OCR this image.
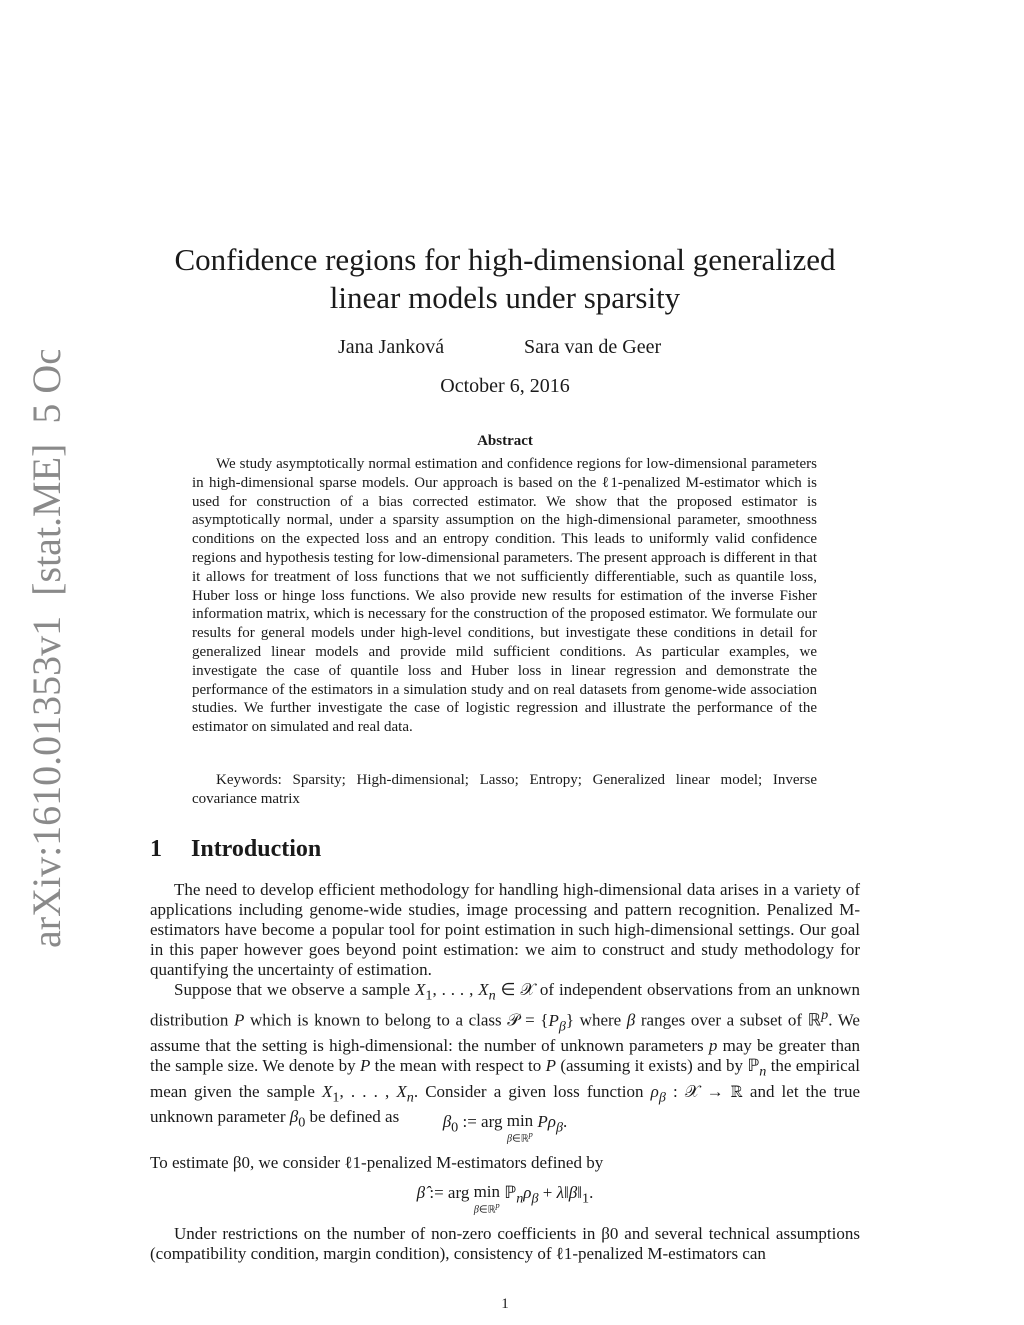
arXiv:1610.01353v1  [stat.ME]  5 Oct 2016	Confidence regions for high-dimensional generalized linear models under sparsity
Jana Janková	Sara van de Geer
October 6, 2016
Abstract

We study asymptotically normal estimation and confidence regions for low-dimensional parameters in high-dimensional sparse models. Our approach is based on the ℓ1-penalized M-estimator which is used for construction of a bias corrected estimator. We show that the proposed estimator is asymptotically normal, under a sparsity assumption on the high-dimensional parameter, smoothness conditions on the expected loss and an entropy condition. This leads to uniformly valid confidence regions and hypothesis testing for low-dimensional parameters. The present approach is different in that it allows for treatment of loss functions that we not sufficiently differentiable, such as quantile loss, Huber loss or hinge loss functions. We also provide new results for estimation of the inverse Fisher information matrix, which is necessary for the construction of the proposed estimator. We formulate our results for general models under high-level conditions, but investigate these conditions in detail for generalized linear models and provide mild sufficient conditions. As particular examples, we investigate the case of quantile loss and Huber loss in linear regression and demonstrate the performance of the estimators in a simulation study and on real datasets from genome-wide association studies. We further investigate the case of logistic regression and illustrate the performance of the estimator on simulated and real data.

Keywords: Sparsity; High-dimensional; Lasso; Entropy; Generalized linear model; Inverse covariance matrix

1 Introduction

The need to develop efficient methodology for handling high-dimensional data arises in a variety of applications including genome-wide studies, image processing and pattern recognition. Penalized M-estimators have become a popular tool for point estimation in such high-dimensional settings. Our goal in this paper however goes beyond point estimation: we aim to construct and study methodology for quantifying the uncertainty of estimation.

Suppose that we observe a sample $X_1$, . . . , $X_n$ ∈ 𝒳 of independent observations from an unknown distribution P which is known to belong to a class 𝒫 = $\{P_\beta\}$ where β ranges over a subset of ℝ$^p$. We assume that the setting is high-dimensional: the number of unknown parameters p may be greater than the sample size. We denote by P the mean with respect to P (assuming it exists) and by ℙ$_n$ the empirical mean given the sample $X_1$, . . . , $X_n$. Consider a given loss function $\rho_\beta$ : 𝒳 → ℝ and let the true unknown parameter $\beta_0$ be defined as	$\beta_0$ := arg min
β∈ℝ$^p$
$P\rho_\beta$.

To estimate β0, we consider ℓ1-penalized M-estimators defined by

β̂ := arg min
β∈ℝ$^p$
$ℙ_n\rho_\beta$ + $\lambda‖\beta‖_1$.

Under restrictions on the number of non-zero coefficients in β0 and several technical assumptions (compatibility condition, margin condition), consistency of ℓ1-penalized M-estimators can

1
